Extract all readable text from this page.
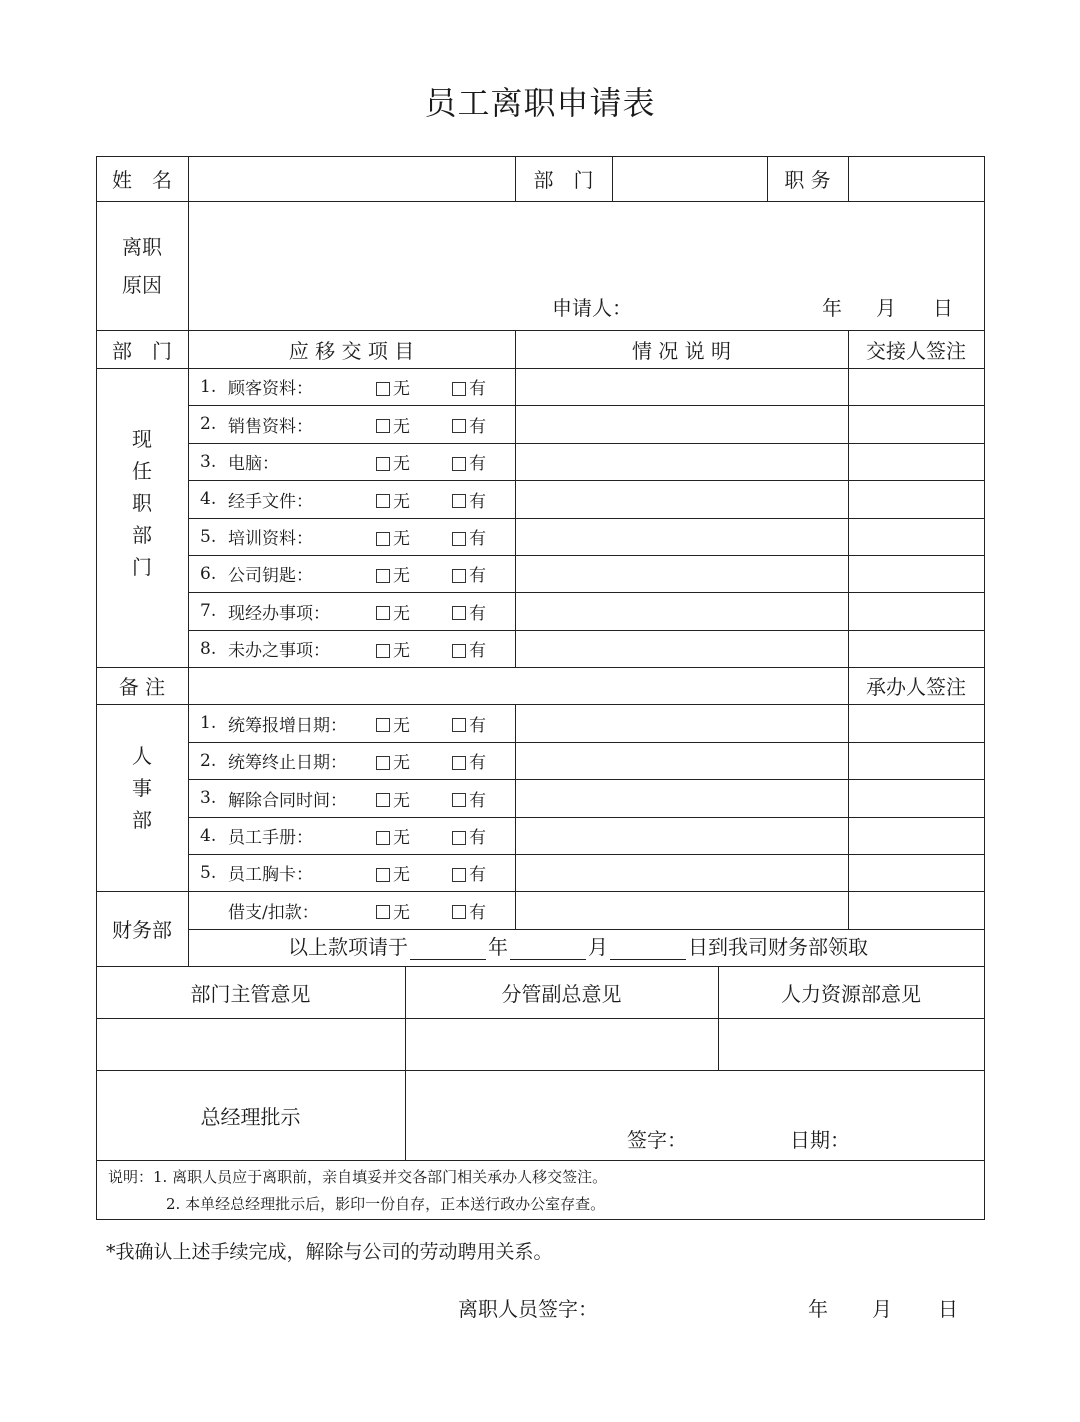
员工离职申请表
姓　名	部　门	职 务
离职
原因
申请人：	年 月 日
部　门	应 移 交 项 目	情 况 说 明	交接人签注
现
任
职
部
门
1. 顾客资料：	无	有
2. 销售资料：	无	有
3. 电脑：	无	有
4. 经手文件：	无	有
5. 培训资料：	无	有
6. 公司钥匙：	无	有
7. 现经办事项：	无	有
8. 未办之事项：	无	有
备 注	承办人签注
人
事
部
1. 统筹报增日期：	无	有
2. 统筹终止日期：	无	有
3. 解除合同时间：	无	有
4. 员工手册：	无	有
5. 员工胸卡：	无	有
财务部
借支/扣款：	无	有
以上款项请于	年	月	日到我司财务部领取
部门主管意见	分管副总意见	人力资源部意见
总经理批示
签字：	日期：
说明：1. 离职人员应于离职前，亲自填妥并交各部门相关承办人移交签注。
2. 本单经总经理批示后，影印一份自存，正本送行政办公室存查。
*我确认上述手续完成，解除与公司的劳动聘用关系。
离职人员签字：	年 月 日
